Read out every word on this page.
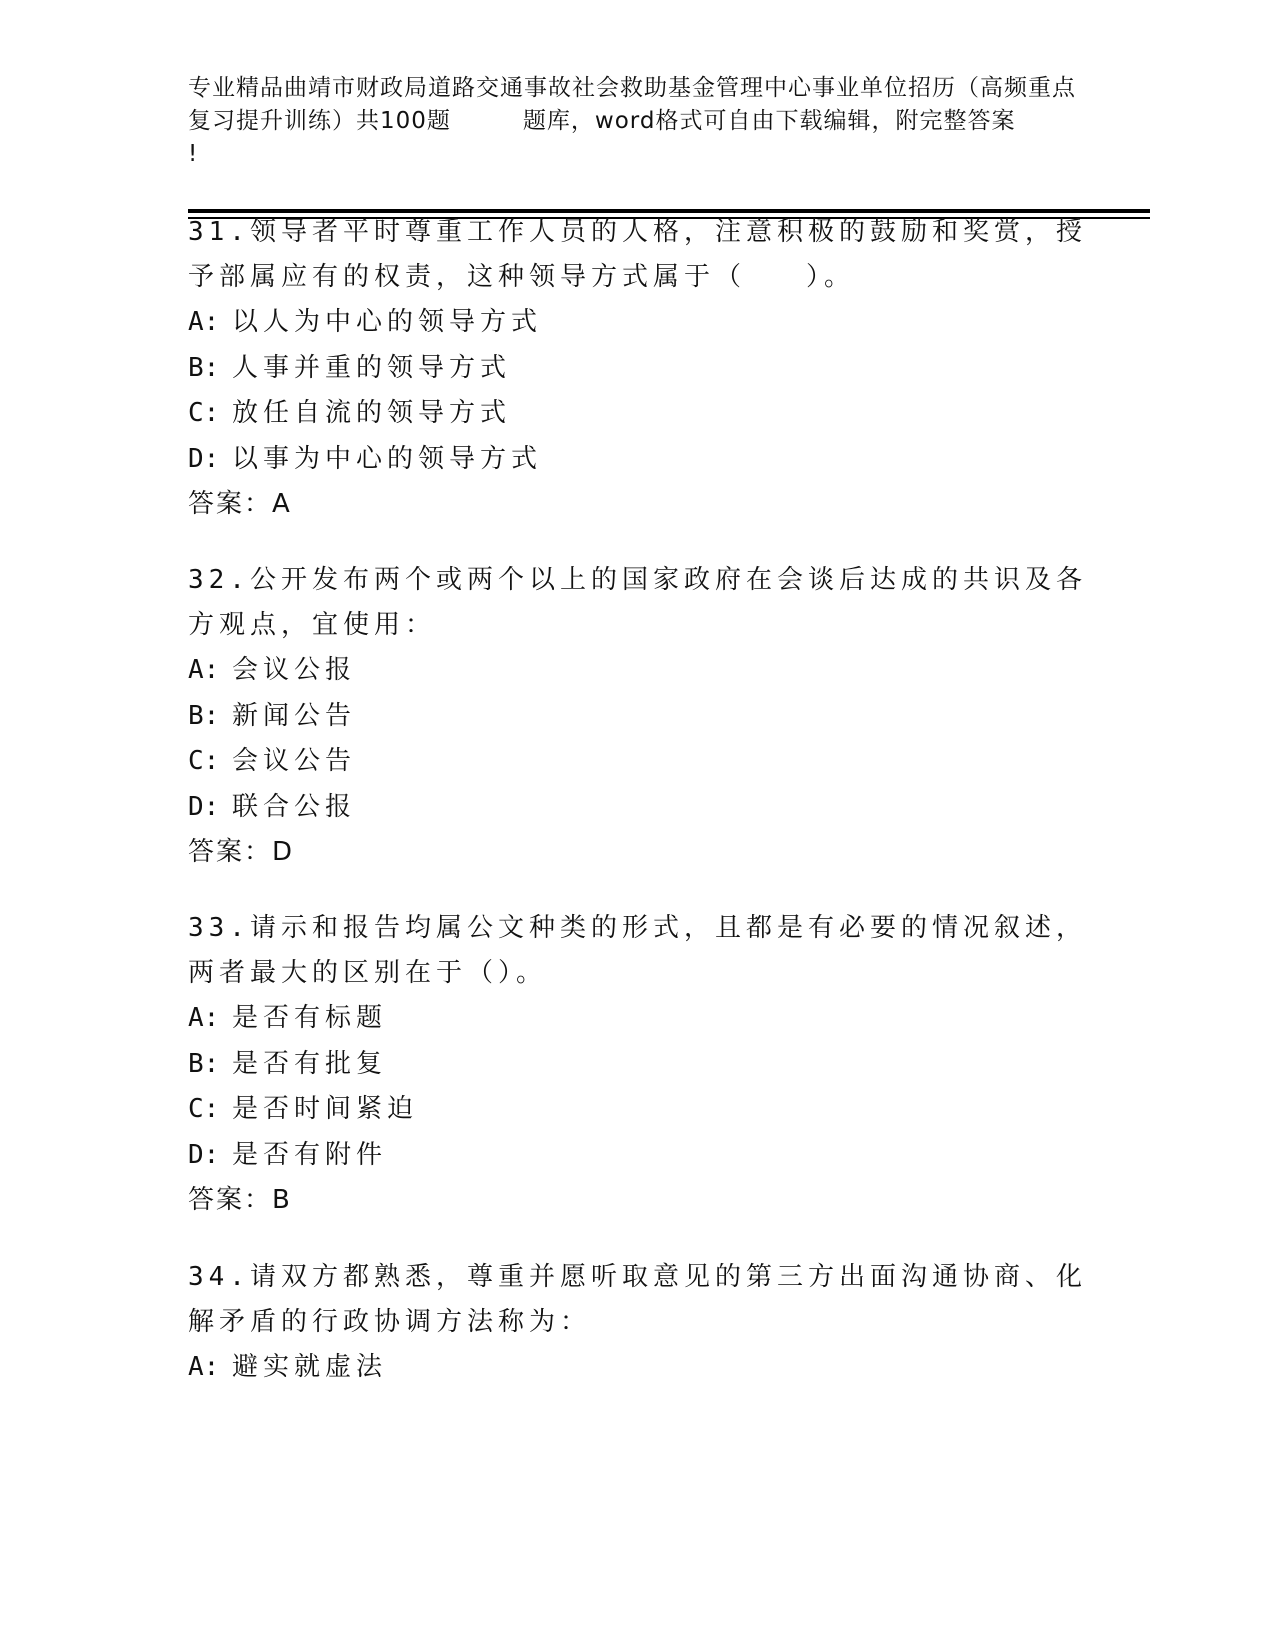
专业精品曲靖市财政局道路交通事故社会救助基金管理中心事业单位招历（高频重点复习提升训练）共100题	题库，word格式可自由下载编辑，附完整答案
!
31.领导者平时尊重工作人员的人格，注意积极的鼓励和奖赏，授予部属应有的权责，这种领导方式属于（ ）。
A: 以人为中心的领导方式
B: 人事并重的领导方式
C: 放任自流的领导方式
D: 以事为中心的领导方式
答案：A
32.公开发布两个或两个以上的国家政府在会谈后达成的共识及各方观点，宜使用：
A: 会议公报
B: 新闻公告
C: 会议公告
D: 联合公报
答案：D
33.请示和报告均属公文种类的形式，且都是有必要的情况叙述，两者最大的区别在于（）。
A: 是否有标题
B: 是否有批复
C: 是否时间紧迫
D: 是否有附件
答案：B
34.请双方都熟悉，尊重并愿听取意见的第三方出面沟通协商、化解矛盾的行政协调方法称为：
A: 避实就虚法
